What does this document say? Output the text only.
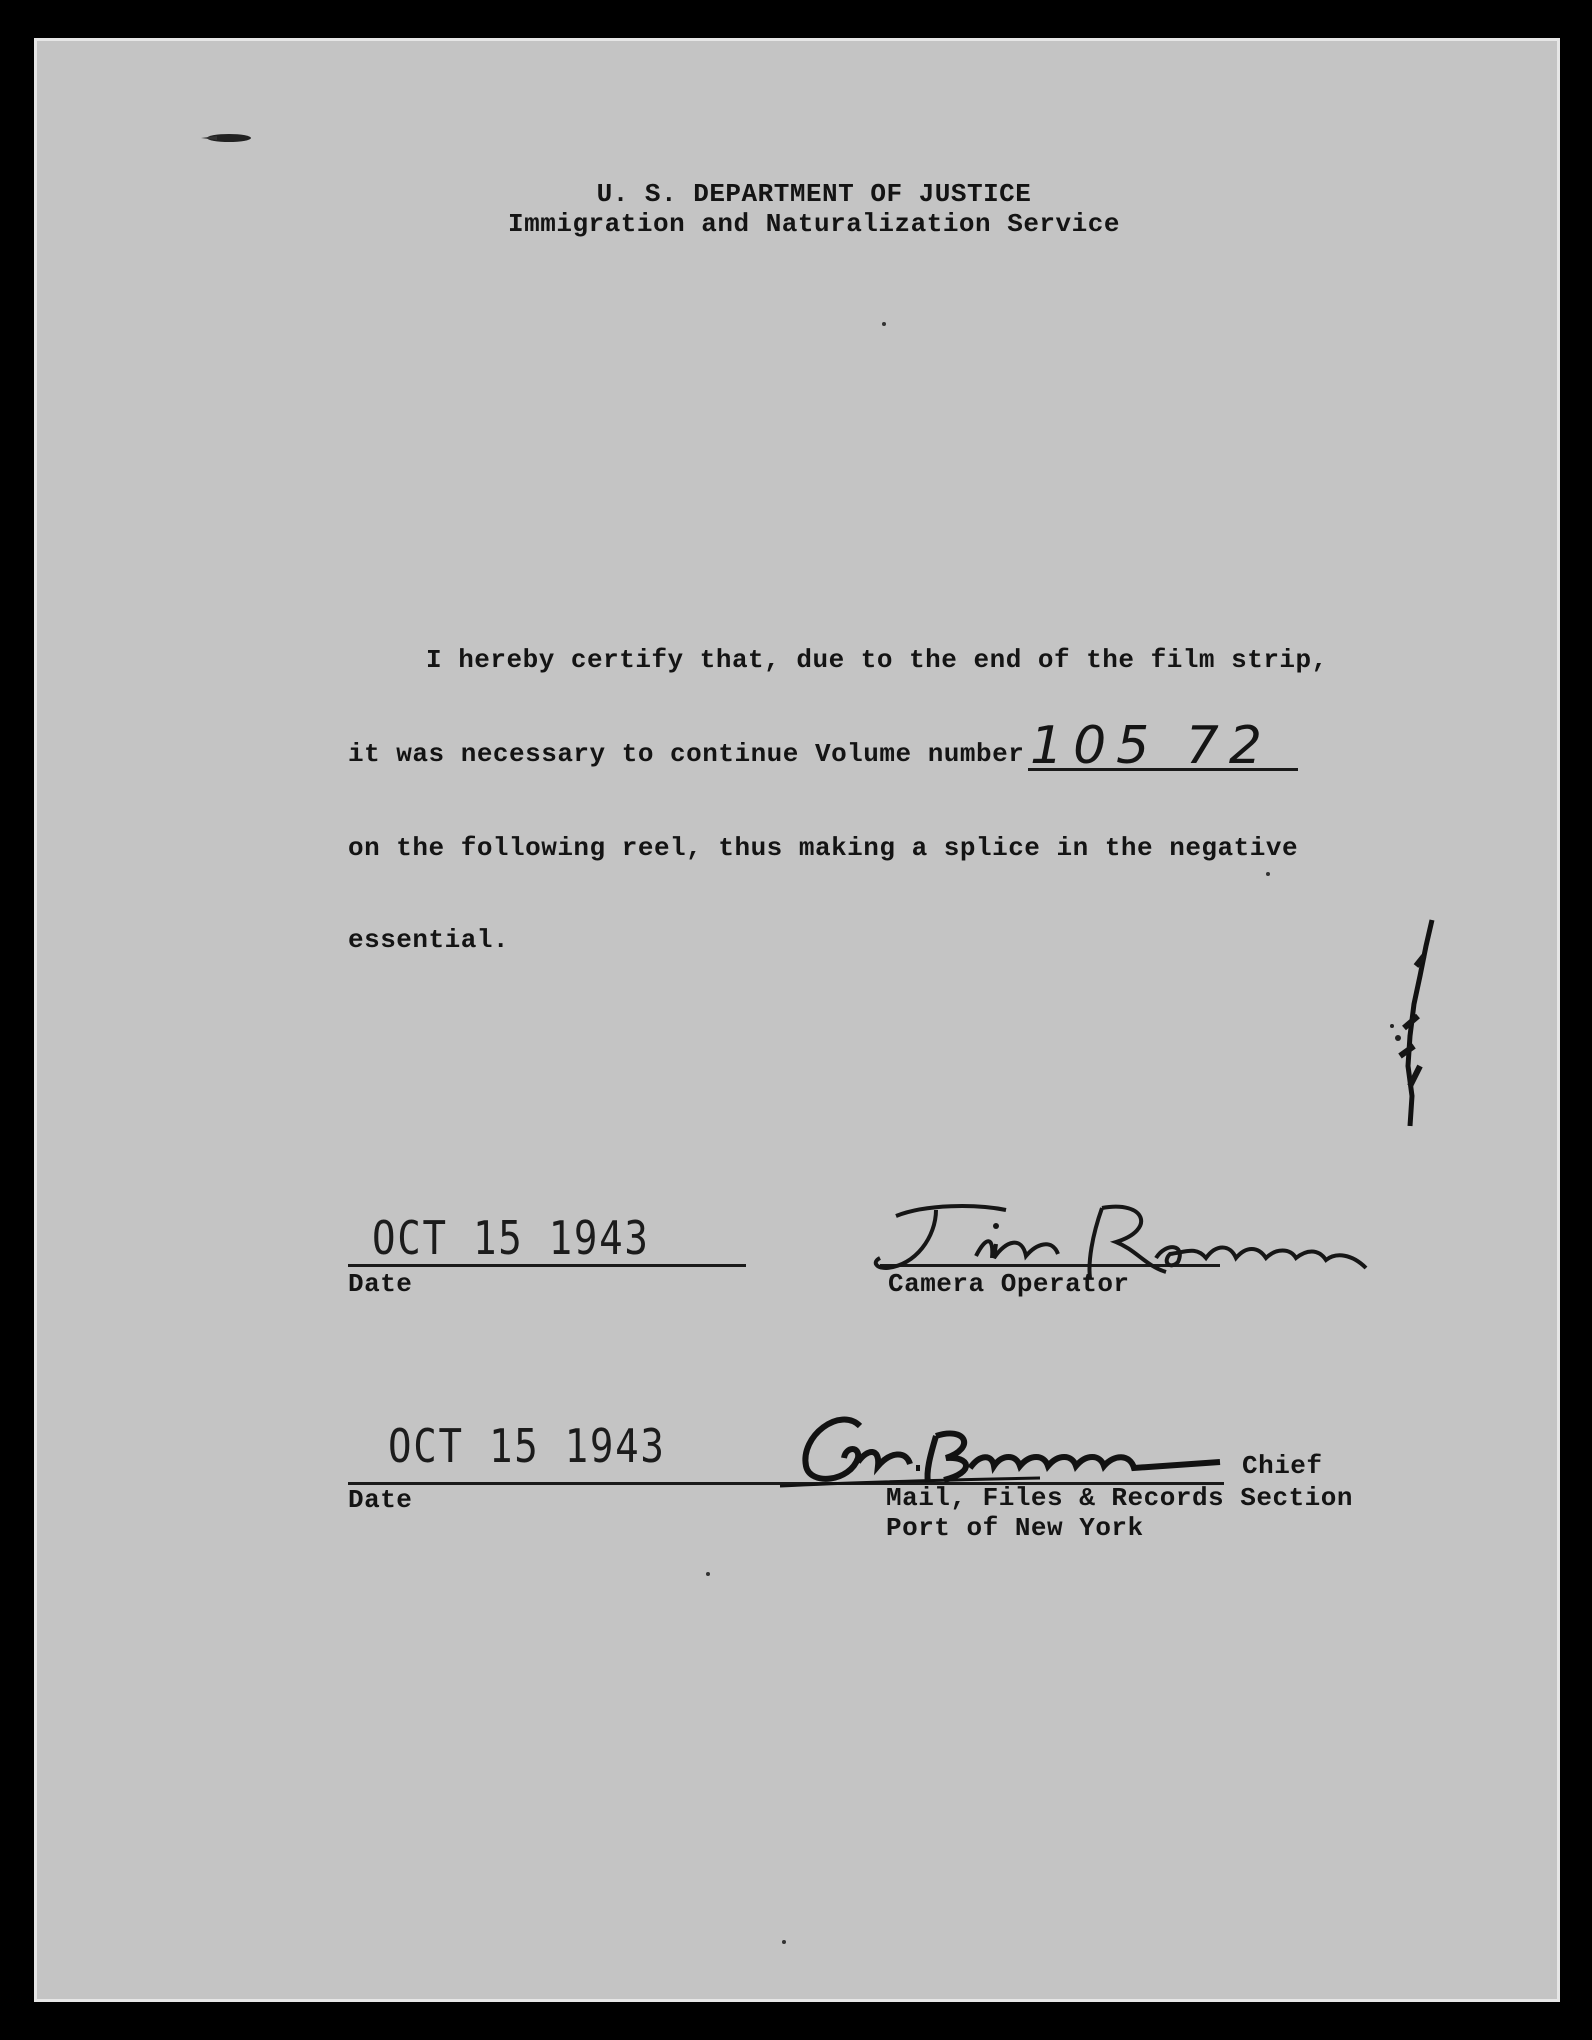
U. S. DEPARTMENT OF JUSTICE
Immigration and Naturalization Service
I hereby certify that, due to the end of the film strip,
it was necessary to continue Volume number 105 72
on the following reel, thus making a splice in the negative
essential.
OCT 15 1943
Date	Camera Operator
OCT 15 1943
Date
Chief
Mail, Files & Records Section
Port of New York
